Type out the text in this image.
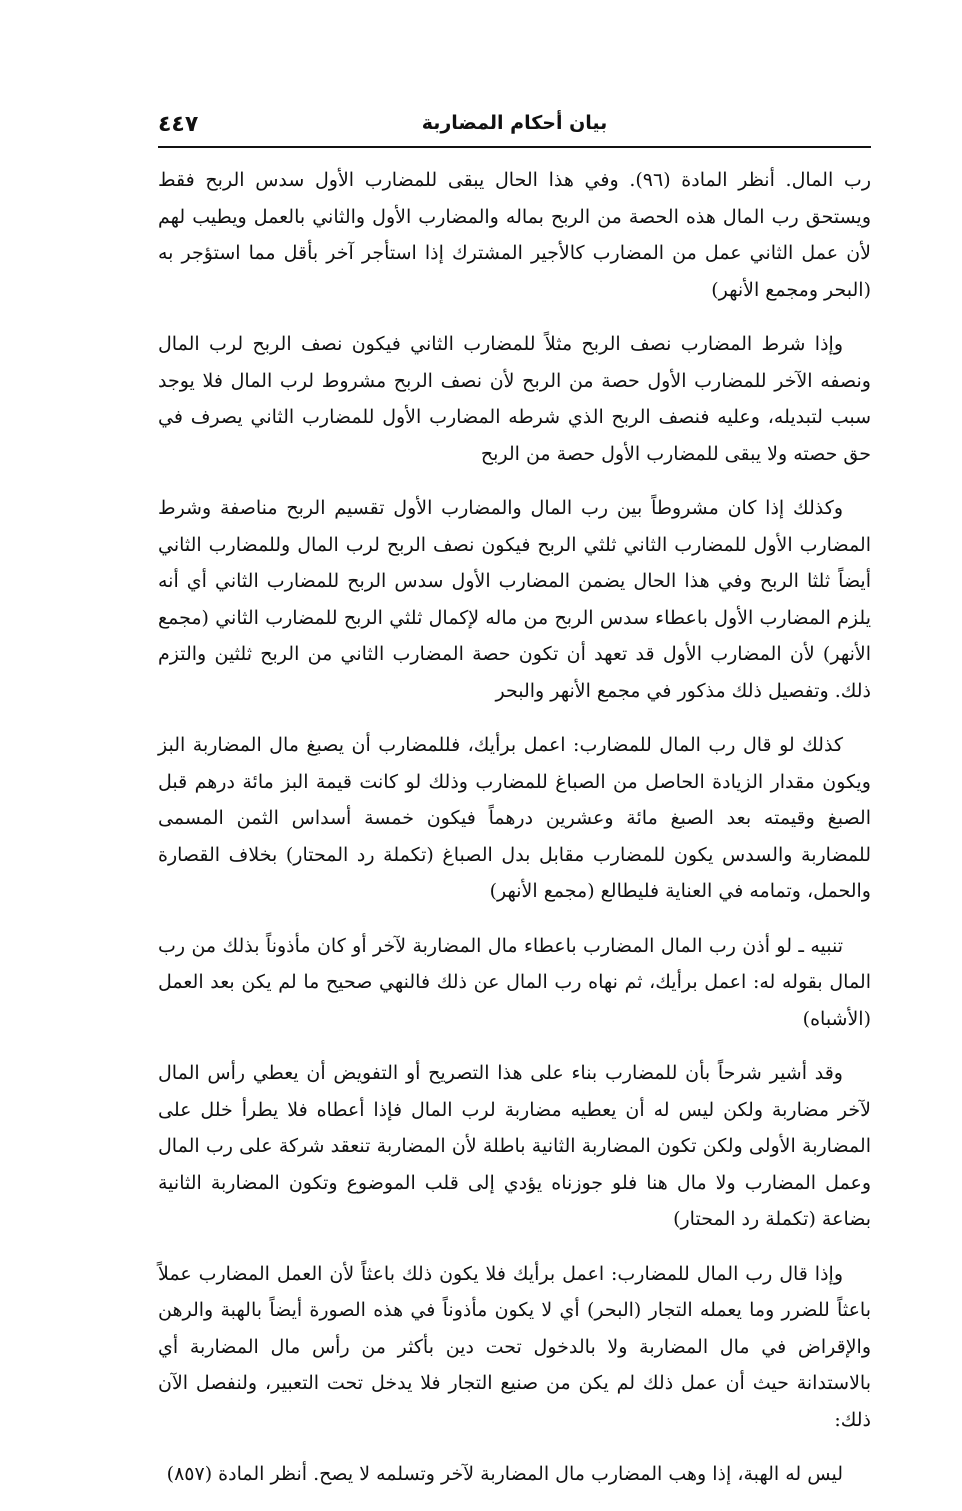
٤٤٧	بيان أحكام المضاربة

رب المال. أنظر المادة (٩٦). وفي هذا الحال يبقى للمضارب الأول سدس الربح فقط ويستحق رب المال هذه الحصة من الربح بماله والمضارب الأول والثاني بالعمل ويطيب لهم لأن عمل الثاني عمل من المضارب كالأجير المشترك إذا استأجر آخر بأقل مما استؤجر به (البحر ومجمع الأنهر)

وإذا شرط المضارب نصف الربح مثلاً للمضارب الثاني فيكون نصف الربح لرب المال ونصفه الآخر للمضارب الأول حصة من الربح لأن نصف الربح مشروط لرب المال فلا يوجد سبب لتبديله، وعليه فنصف الربح الذي شرطه المضارب الأول للمضارب الثاني يصرف في حق حصته ولا يبقى للمضارب الأول حصة من الربح

وكذلك إذا كان مشروطاً بين رب المال والمضارب الأول تقسيم الربح مناصفة وشرط المضارب الأول للمضارب الثاني ثلثي الربح فيكون نصف الربح لرب المال وللمضارب الثاني أيضاً ثلثا الربح وفي هذا الحال يضمن المضارب الأول سدس الربح للمضارب الثاني أي أنه يلزم المضارب الأول باعطاء سدس الربح من ماله لإكمال ثلثي الربح للمضارب الثاني (مجمع الأنهر) لأن المضارب الأول قد تعهد أن تكون حصة المضارب الثاني من الربح ثلثين والتزم ذلك. وتفصيل ذلك مذكور في مجمع الأنهر والبحر

كذلك لو قال رب المال للمضارب: اعمل برأيك، فللمضارب أن يصبغ مال المضاربة البز ويكون مقدار الزيادة الحاصل من الصباغ للمضارب وذلك لو كانت قيمة البز مائة درهم قبل الصبغ وقيمته بعد الصبغ مائة وعشرين درهماً فيكون خمسة أسداس الثمن المسمى للمضاربة والسدس يكون للمضارب مقابل بدل الصباغ (تكملة رد المحتار) بخلاف القصارة والحمل، وتمامه في العناية فليطالع (مجمع الأنهر)

تنبيه ـ لو أذن رب المال المضارب باعطاء مال المضاربة لآخر أو كان مأذوناً بذلك من رب المال بقوله له: اعمل برأيك، ثم نهاه رب المال عن ذلك فالنهي صحيح ما لم يكن بعد العمل (الأشباه)

وقد أشير شرحاً بأن للمضارب بناء على هذا التصريح أو التفويض أن يعطي رأس المال لآخر مضاربة ولكن ليس له أن يعطيه مضاربة لرب المال فإذا أعطاه فلا يطرأ خلل على المضاربة الأولى ولكن تكون المضاربة الثانية باطلة لأن المضاربة تنعقد شركة على رب المال وعمل المضارب ولا مال هنا فلو جوزناه يؤدي إلى قلب الموضوع وتكون المضاربة الثانية بضاعة (تكملة رد المحتار)

وإذا قال رب المال للمضارب: اعمل برأيك فلا يكون ذلك باعثاً لأن العمل المضارب عملاً باعثاً للضرر وما يعمله التجار (البحر) أي لا يكون مأذوناً في هذه الصورة أيضاً بالهبة والرهن والإقراض في مال المضاربة ولا بالدخول تحت دين بأكثر من رأس مال المضاربة أي بالاستدانة حيث أن عمل ذلك لم يكن من صنيع التجار فلا يدخل تحت التعبير، ولنفصل الآن ذلك:

ليس له الهبة، إذا وهب المضارب مال المضاربة لآخر وتسلمه لا يصح. أنظر المادة (٨٥٧)
